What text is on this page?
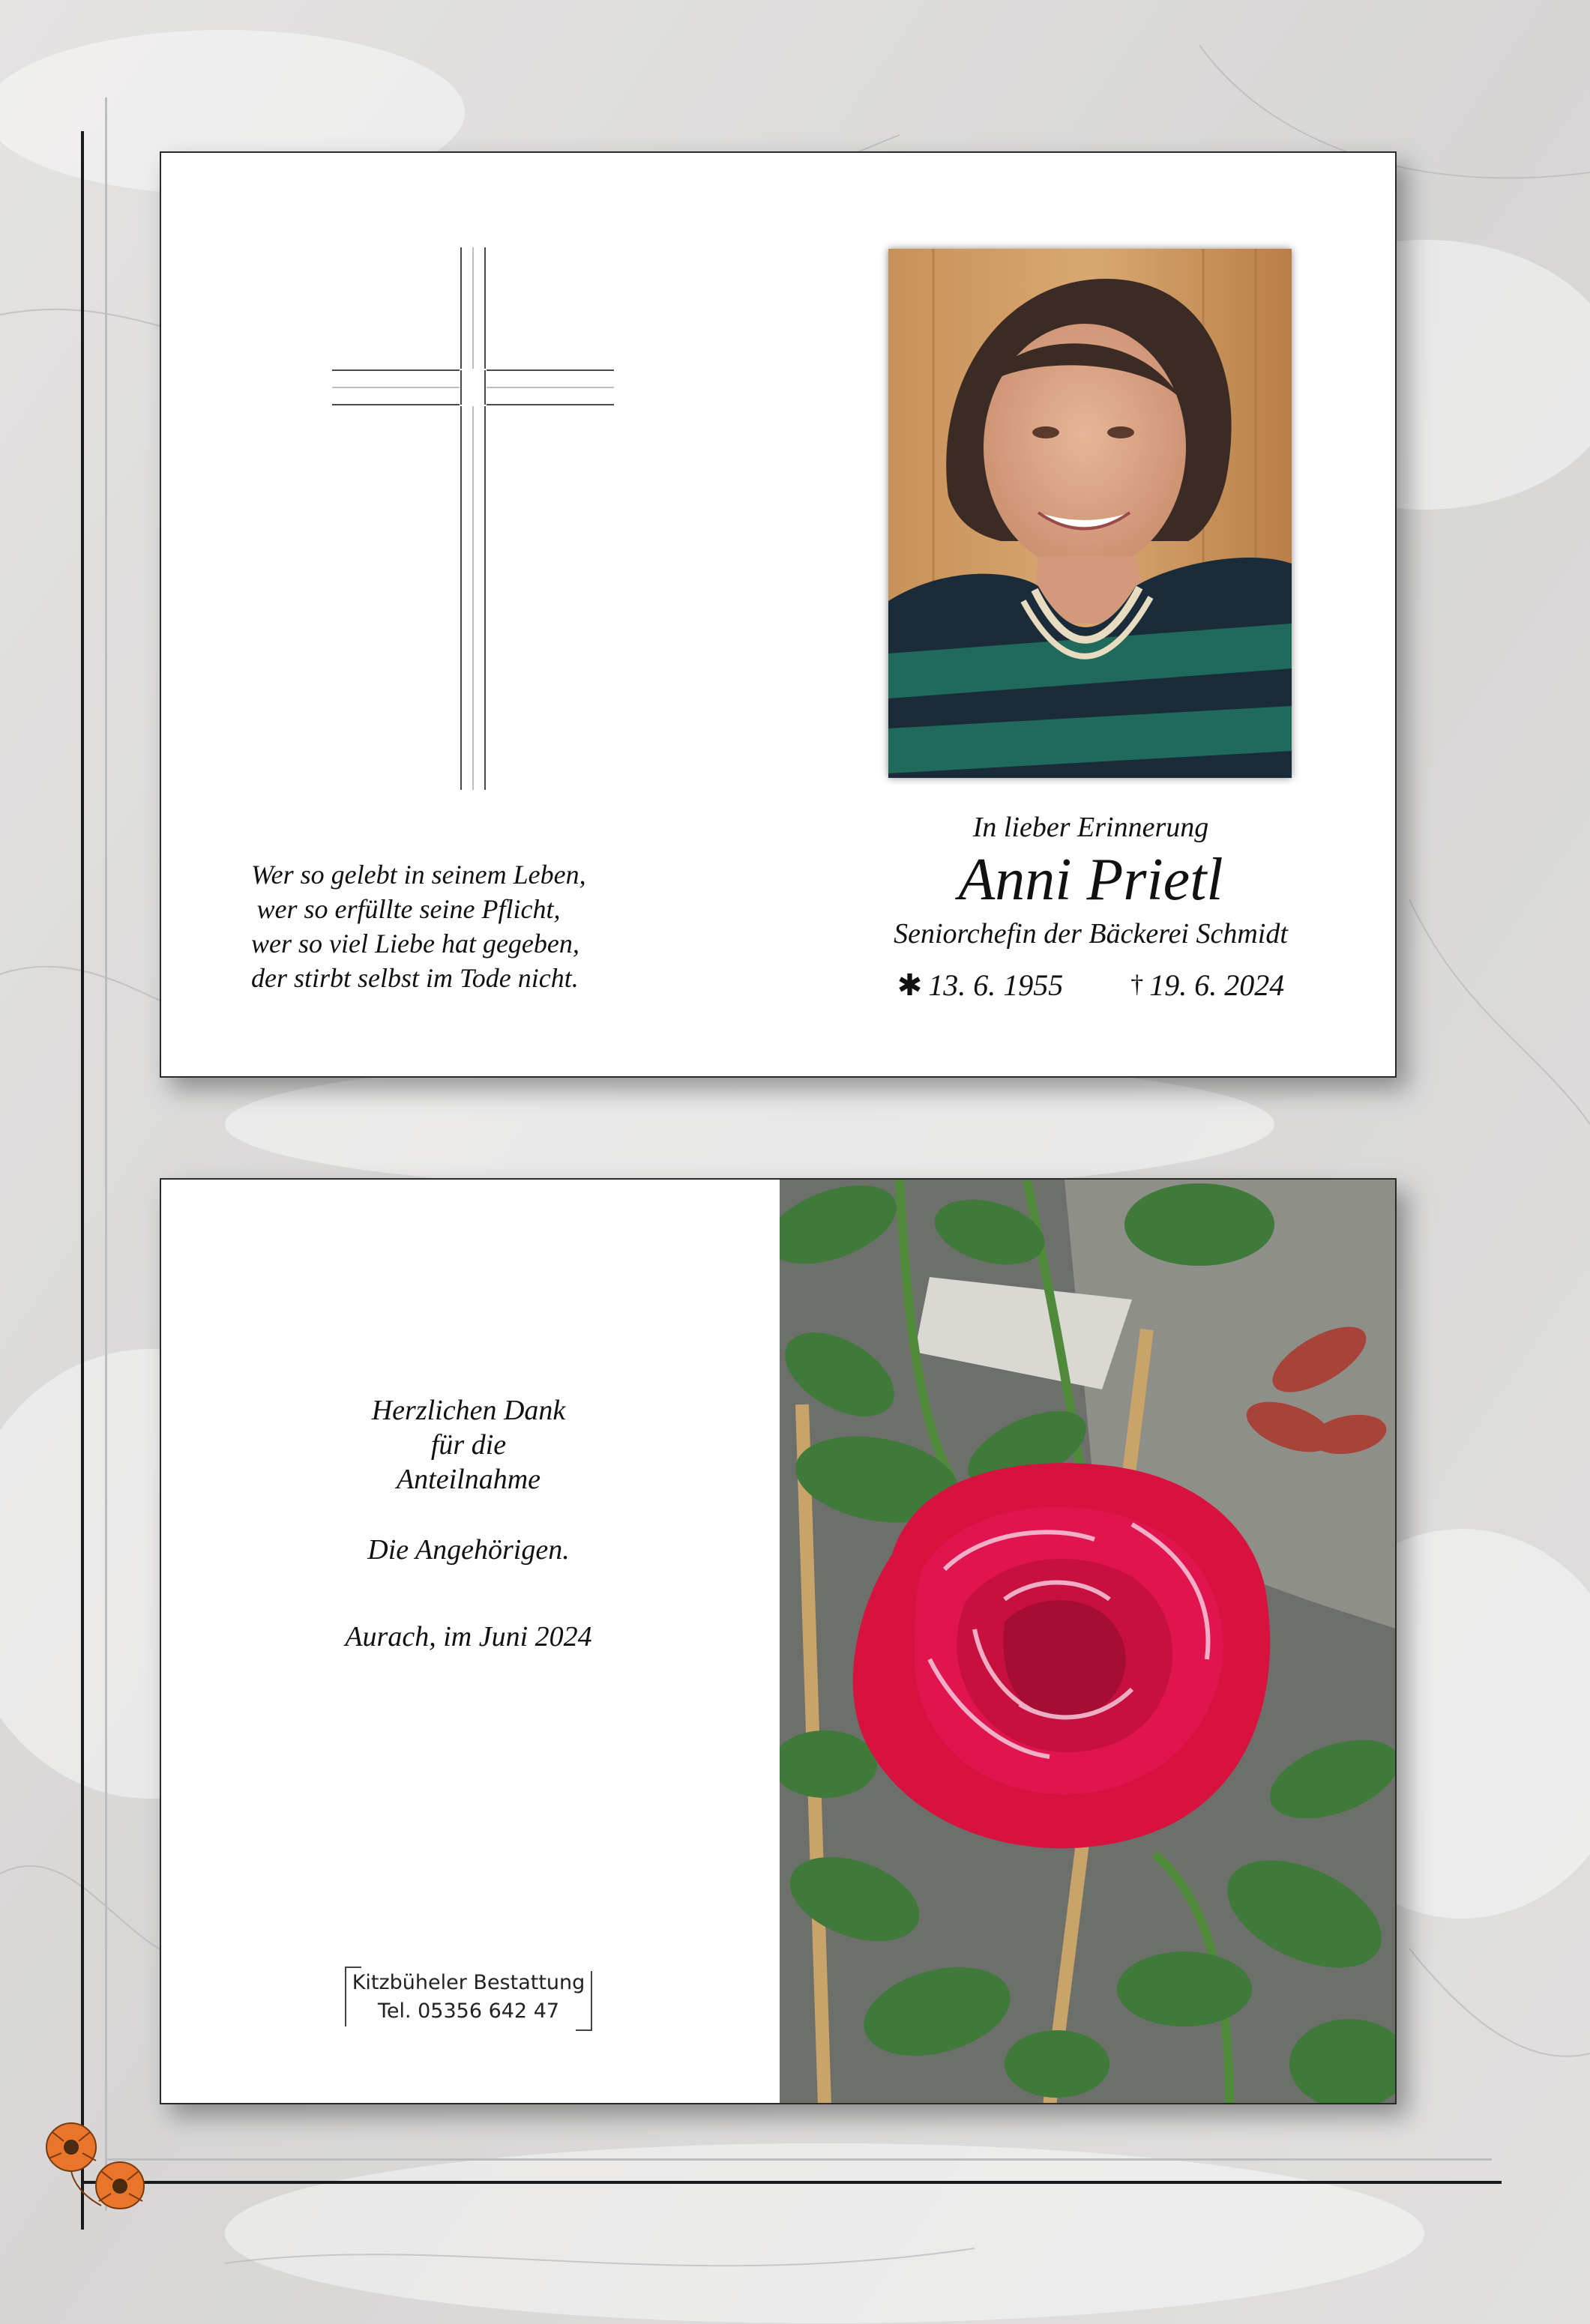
Wer so gelebt in seinem Leben,
wer so erfüllte seine Pflicht,
wer so viel Liebe hat gegeben,
der stirbt selbst im Tode nicht.
In lieber Erinnerung
Anni Prietl
Seniorchefin der Bäckerei Schmidt
✱ 13. 6. 1955	† 19. 6. 2024
Herzlichen Dank
für die
Anteilnahme
Die Angehörigen.
Aurach, im Juni 2024
Kitzbüheler Bestattung
Tel. 05356 642 47
